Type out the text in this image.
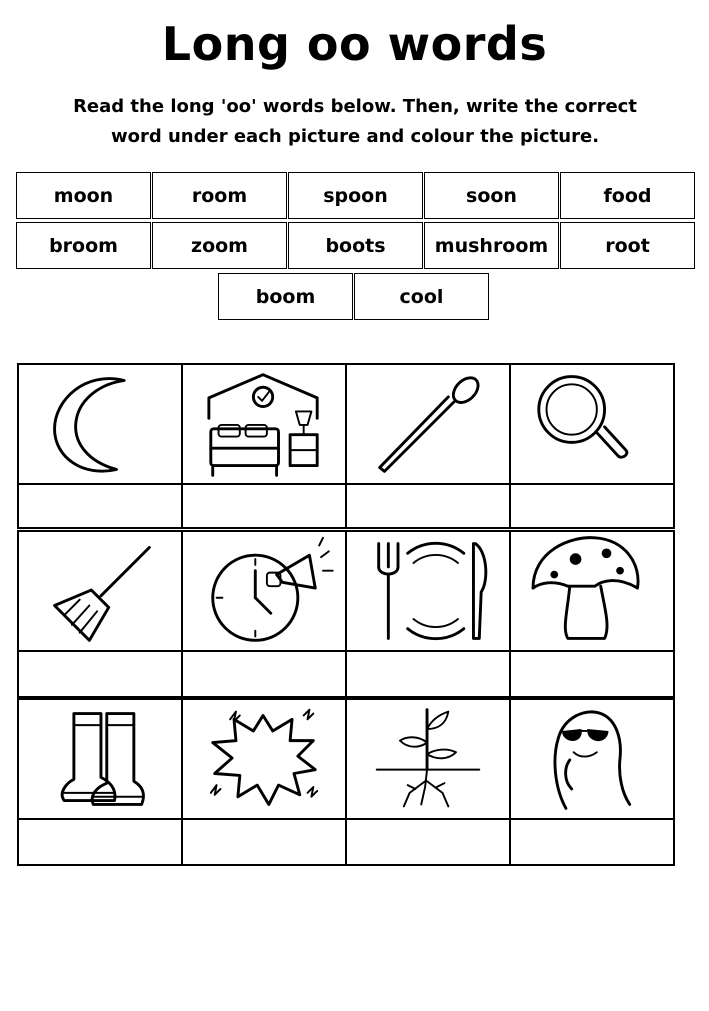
Long oo words
Read the long 'oo' words below. Then, write the correct
word under each picture and colour the picture.
moon	room	spoon	soon	food
broom	zoom	boots	mushroom	root
boom	cool
